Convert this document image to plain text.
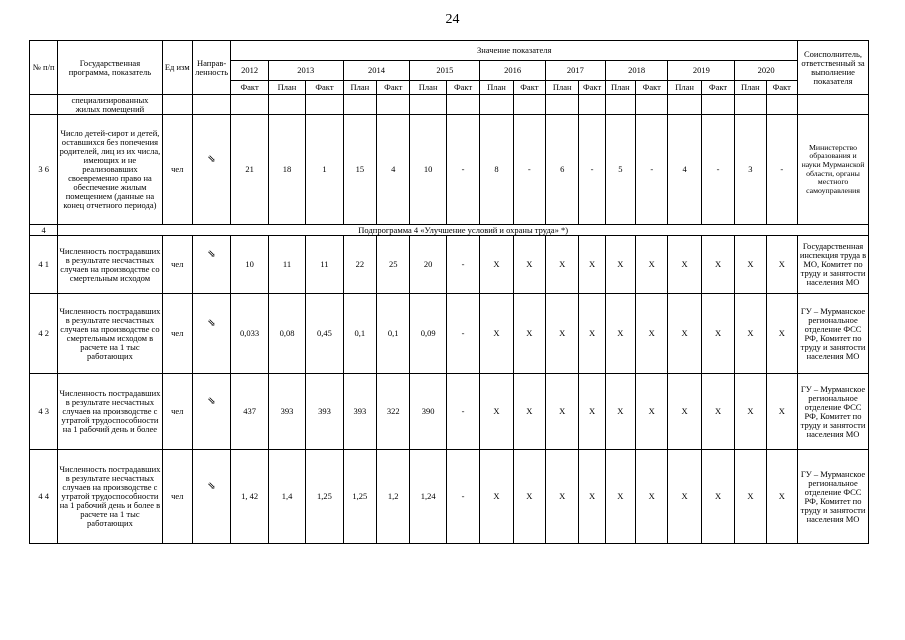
24
№ п/п	Государственная программа, показатель	Ед изм	Направ- ленность	Значение показателя																	Соисполнитель, ответственный за выполнение показателя
				2012	2013		2014		2015		2016		2017		2018		2019		2020		
				Факт	План	Факт	План	Факт	План	Факт	План	Факт	План	Факт	План	Факт	План	Факт	План	Факт	
	специализированных жилых помещений																				
3 6	Число детей-сирот и детей, оставшихся без попечения родителей, лиц из их числа, имеющих и не реализовавших своевременно право на обеспечение жилым помещением (данные на конец отчетного периода)	чел	⇘	21	18	1	15	4	10	-	8	-	6	-	5	-	4	-	3	-	Министерство образования и науки Мурманской области, органы местного самоуправления
4	Подпрограмма 4 «Улучшение условий и охраны труда» *)																				
4 1	Численность пострадавших в результате несчастных случаев на производстве со смертельным исходом	чел	⇘	10	11	11	22	25	20	-	X	X	X	X	X	X	X	X	X	X	Государственная инспекция труда в МО, Комитет по труду и занятости населения МО
4 2	Численность пострадавших в результате несчастных случаев на производстве со смертельным исходом в расчете на 1 тыс работающих	чел	⇘	0,033	0,08	0,45	0,1	0,1	0,09	-	X	X	X	X	X	X	X	X	X	X	ГУ – Мурманское региональное отделение ФСС РФ, Комитет по труду и занятости населения МО
4 3	Численность пострадавших в результате несчастных случаев на производстве с утратой трудоспособности на 1 рабочий день и более	чел	⇘	437	393	393	393	322	390	-	X	X	X	X	X	X	X	X	X	X	ГУ – Мурманское региональное отделение ФСС РФ, Комитет по труду и занятости населения МО
4 4	Численность пострадавших в результате несчастных случаев на производстве с утратой трудоспособности на 1 рабочий день и более в расчете на 1 тыс работающих	чел	⇘	1, 42	1,4	1,25	1,25	1,2	1,24	-	X	X	X	X	X	X	X	X	X	X	ГУ – Мурманское региональное отделение ФСС РФ, Комитет по труду и занятости населения МО
